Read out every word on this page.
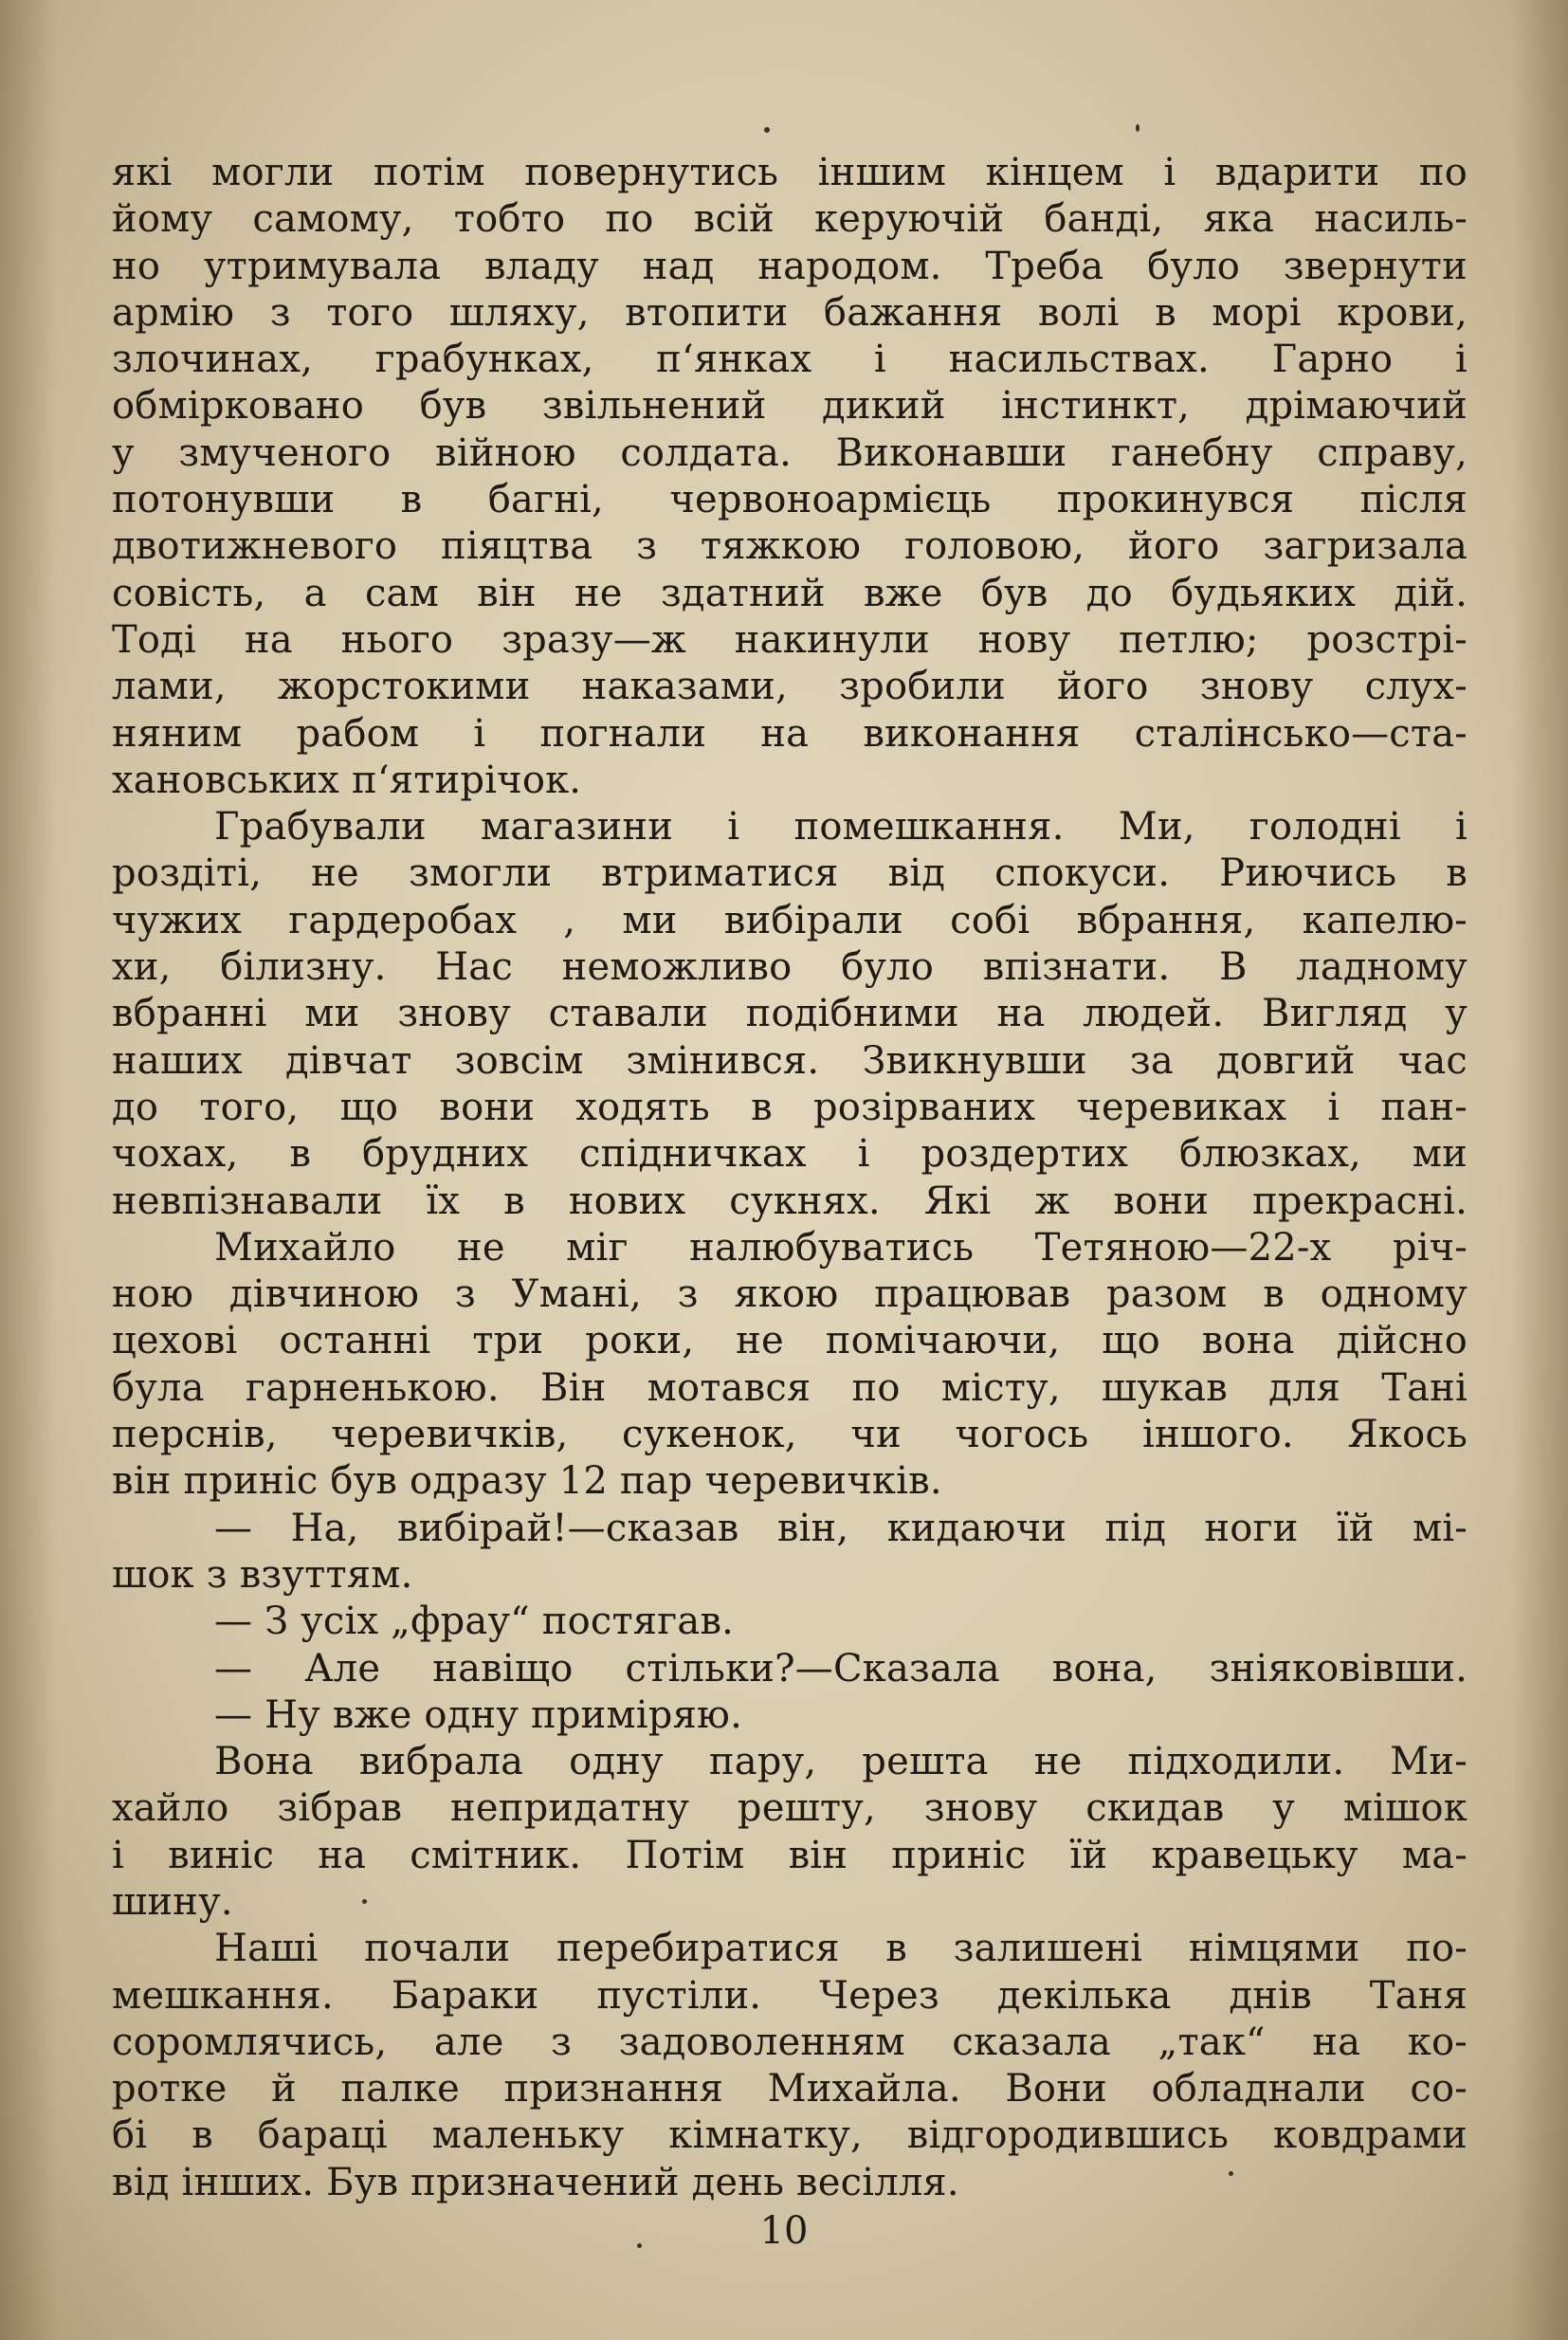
які могли потім повернутись іншим кінцем і вдарити по
йому самому, тобто по всій керуючій банді, яка насиль-
но утримувала владу над народом. Треба було звернути
армію з того шляху, втопити бажання волі в морі крови,
злочинах, грабунках, п‘янках і насильствах. Гарно і
обмірковано був звільнений дикий інстинкт, дрімаючий
у змученого війною солдата. Виконавши ганебну справу,
потонувши в багні, червоноармієць прокинувся після
двотижневого піяцтва з тяжкою головою, його загризала
совість, а сам він не здатний вже був до будьяких дій.
Тоді на нього зразу—ж накинули нову петлю; розстрі-
лами, жорстокими наказами, зробили його знову слух-
няним рабом і погнали на виконання сталінсько—ста-
хановських п‘ятирічок.
Грабували магазини і помешкання. Ми, голодні і
роздіті, не змогли втриматися від спокуси. Риючись в
чужих гардеробах , ми вибірали собі вбрання, капелю-
хи, білизну. Нас неможливо було впізнати. В ладному
вбранні ми знову ставали подібними на людей. Вигляд у
наших дівчат зовсім змінився. Звикнувши за довгий час
до того, що вони ходять в розірваних черевиках і пан-
чохах, в брудних спідничках і роздертих блюзках, ми
невпізнавали їх в нових сукнях. Які ж вони прекрасні.
Михайло не міг налюбуватись Тетяною—22-х річ-
ною дівчиною з Умані, з якою працював разом в одному
цехові останні три роки, не помічаючи, що вона дійсно
була гарненькою. Він мотався по місту, шукав для Тані
перснів, черевичків, сукенок, чи чогось іншого. Якось
він приніс був одразу 12 пар черевичків.
— На, вибірай!—сказав він, кидаючи під ноги їй мі-
шок з взуттям.
— З усіх „фрау“ постягав.
— Але навіщо стільки?—Сказала вона, зніяковівши.
— Ну вже одну приміряю.
Вона вибрала одну пару, решта не підходили. Ми-
хайло зібрав непридатну решту, знову скидав у мішок
і виніс на смітник. Потім він приніс їй кравецьку ма-
шину.
Наші почали перебиратися в залишені німцями по-
мешкання. Бараки пустіли. Через декілька днів Таня
соромлячись, але з задоволенням сказала „так“ на ко-
ротке й палке признання Михайла. Вони обладнали со-
бі в бараці маленьку кімнатку, відгородившись ковдрами
від інших. Був призначений день весілля.
10
